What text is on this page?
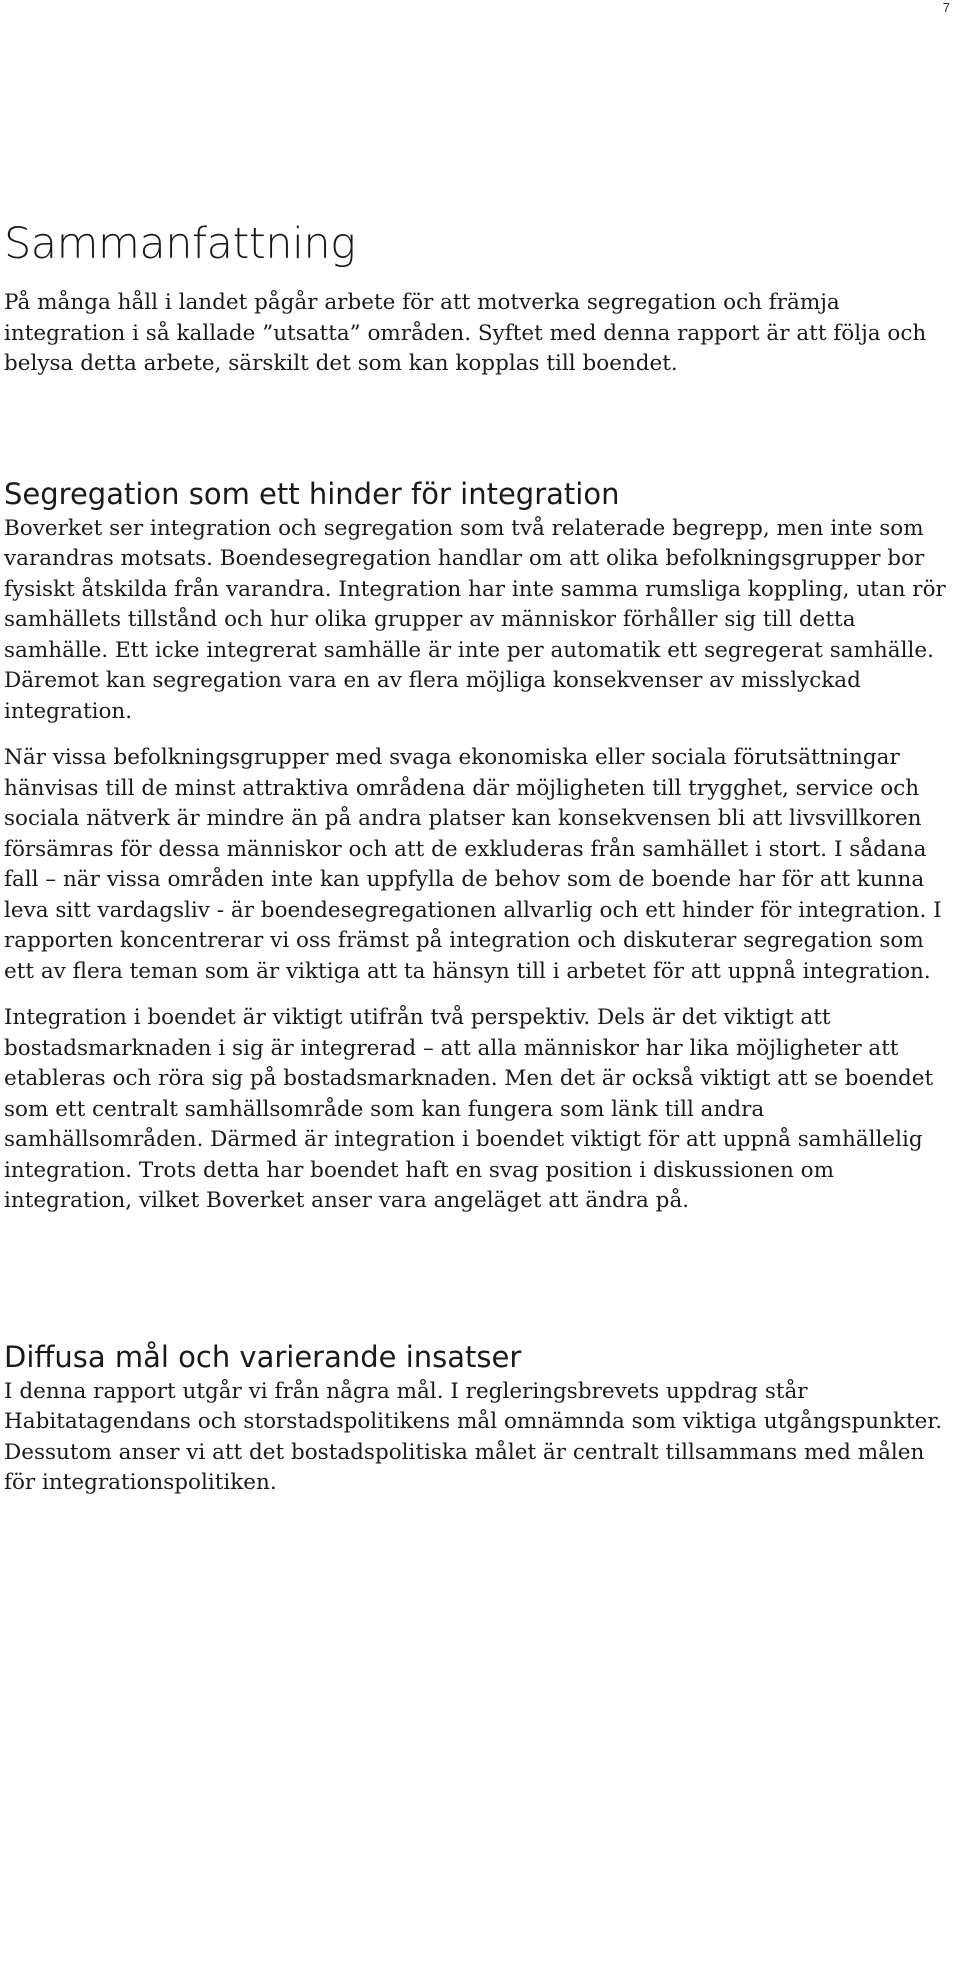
7
Sammanfattning

På många håll i landet pågår arbete för att motverka segregation och främja integration i så kallade ”utsatta” områden. Syftet med denna rapport är att följa och belysa detta arbete, särskilt det som kan kopplas till boendet.

Segregation som ett hinder för integration

Boverket ser integration och segregation som två relaterade begrepp, men inte som varandras motsats. Boendesegregation handlar om att olika befolkningsgrupper bor fysiskt åtskilda från varandra. Integration har inte samma rumsliga koppling, utan rör samhällets tillstånd och hur olika grupper av människor förhåller sig till detta samhälle. Ett icke integrerat samhälle är inte per automatik ett segregerat samhälle. Däremot kan segregation vara en av flera möjliga konsekvenser av misslyckad integration.

När vissa befolkningsgrupper med svaga ekonomiska eller sociala förutsättningar hänvisas till de minst attraktiva områdena där möjligheten till trygghet, service och sociala nätverk är mindre än på andra platser kan konsekvensen bli att livsvillkoren försämras för dessa människor och att de exkluderas från samhället i stort. I sådana fall – när vissa områden inte kan uppfylla de behov som de boende har för att kunna leva sitt vardagsliv - är boendesegregationen allvarlig och ett hinder för integration. I rapporten koncentrerar vi oss främst på integration och diskuterar segregation som ett av flera teman som är viktiga att ta hänsyn till i arbetet för att uppnå integration.

Integration i boendet är viktigt utifrån två perspektiv. Dels är det viktigt att bostadsmarknaden i sig är integrerad – att alla människor har lika möjligheter att etableras och röra sig på bostadsmarknaden. Men det är också viktigt att se boendet som ett centralt samhällsområde som kan fungera som länk till andra samhällsområden. Därmed är integration i boendet viktigt för att uppnå samhällelig integration. Trots detta har boendet haft en svag position i diskussionen om integration, vilket Boverket anser vara angeläget att ändra på.

Diffusa mål och varierande insatser

I denna rapport utgår vi från några mål. I regleringsbrevets uppdrag står Habitatagendans och storstadspolitikens mål omnämnda som viktiga utgångspunkter. Dessutom anser vi att det bostadspolitiska målet är centralt tillsammans med målen för integrationspolitiken.
